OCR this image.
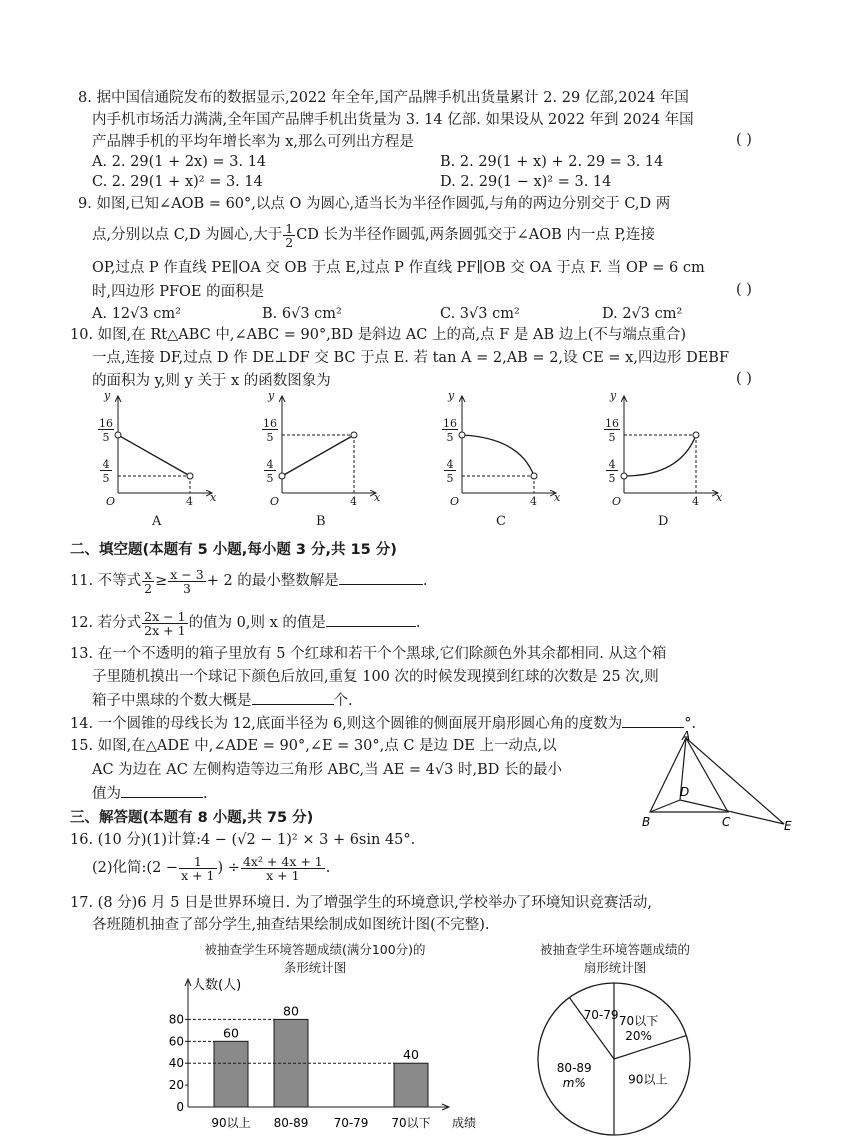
8. 据中国信通院发布的数据显示,2022 年全年,国产品牌手机出货量累计 2. 29 亿部,2024 年国
内手机市场活力满满,全年国产品牌手机出货量为 3. 14 亿部. 如果设从 2022 年到 2024 年国
产品牌手机的平均年增长率为 x,那么可列出方程是	( )
A. 2. 29(1 + 2x) = 3. 14	B. 2. 29(1 + x) + 2. 29 = 3. 14
C. 2. 29(1 + x)² = 3. 14	D. 2. 29(1 − x)² = 3. 14
9. 如图,已知∠AOB = 60°,以点 O 为圆心,适当长为半径作圆弧,与角的两边分别交于 C,D 两
点,分别以点 C,D 为圆心,大于 $\frac{1}{2}$ CD 长为半径作圆弧,两条圆弧交于∠AOB 内一点 P,连接
OP,过点 P 作直线 PE∥OA 交 OB 于点 E,过点 P 作直线 PF∥OB 交 OA 于点 F. 当 OP = 6 cm
时,四边形 PFOE 的面积是	( )
A. 12√3 cm²	B. 6√3 cm²	C. 3√3 cm²	D. 2√3 cm²
10. 如图,在 Rt△ABC 中,∠ABC = 90°,BD 是斜边 AC 上的高,点 F 是 AB 边上(不与端点重合)
一点,连接 DF,过点 D 作 DE⊥DF 交 BC 于点 E. 若 tan A = 2,AB = 2,设 CE = x,四边形 DEBF
的面积为 y,则 y 关于 x 的函数图象为	( )
y
x
O
16
5
4
5
4
A
y
x
O
16
5
4
5
4
B
y
x
O
16
5
4
5
4
C
y
x
O
16
5
4
5
4
D
二、填空题(本题有 5 小题,每小题 3 分,共 15 分)
11. 不等式 $\frac{x}{2} \ge \frac{x - 3}{3} + 2$ 的最小整数解是	.
12. 若分式 $\frac{2x - 1}{2x + 1}$ 的值为 0,则 x 的值是	.
13. 在一个不透明的箱子里放有 5 个红球和若干个个黑球,它们除颜色外其余都相同. 从这个箱
子里随机摸出一个球记下颜色后放回,重复 100 次的时候发现摸到红球的次数是 25 次,则
箱子中黑球的个数大概是	个.
14. 一个圆锥的母线长为 12,底面半径为 6,则这个圆锥的侧面展开扇形圆心角的度数为	°.
15. 如图,在△ADE 中,∠ADE = 90°,∠E = 30°,点 C 是边 DE 上一动点,以
AC 为边在 AC 左侧构造等边三角形 ABC,当 AE = 4√3 时,BD 长的最小
值为	.
A
B	C
D
E
三、解答题(本题有 8 小题,共 75 分)
16. (10 分)(1)计算:4 − (√2 − 1)² × 3 + 6sin 45°.
(2)化简:(2 − $\frac{1}{x + 1}$ ) ÷ $\frac{\text{4x² + 4x + 1}}{x + 1}$ .
17. (8 分)6 月 5 日是世界环境日. 为了增强学生的环境意识,学校举办了环境知识竞赛活动,
各班随机抽查了部分学生,抽查结果绘制成如图统计图(不完整).
被抽查学生环境答题成绩(满分100分)的
条形统计图
被抽查学生环境答题成绩的
扇形统计图
人数(人)
成绩
0
20
40
60
80
90以上
60
80-89
80
70-79 70以下
40
70以下
20%
90以上
80-89
m%
70-79
